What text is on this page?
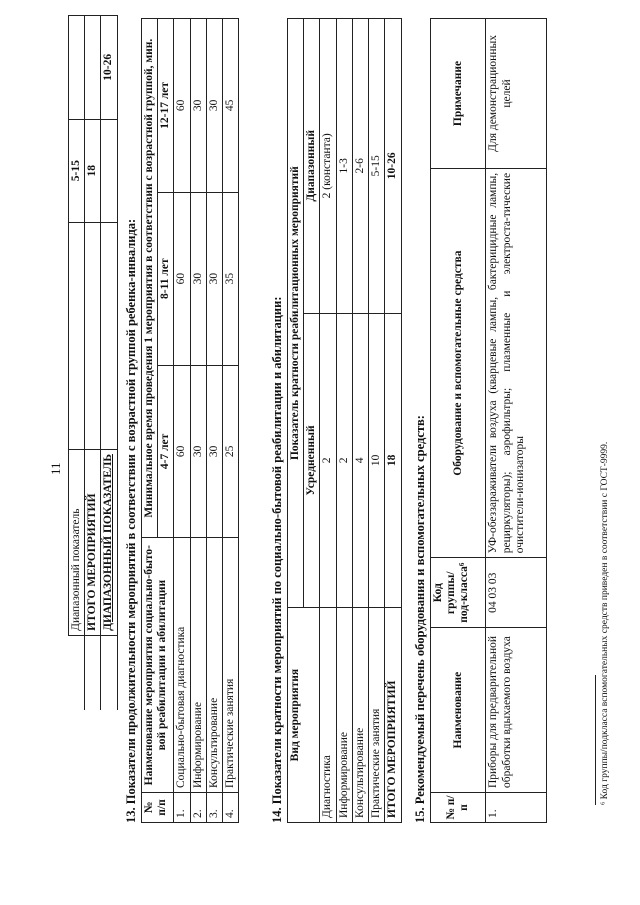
11
	Диапазонный показатель		5-15	
	ИТОГО МЕРОПРИЯТИЙ		18	
	ДИАПАЗОННЫЙ ПОКАЗАТЕЛЬ			10-26
13. Показатели продолжительности мероприятий в соответствии с возрастной группой ребенка-инвалида: № п/п	Наименование мероприятия социально-быто-вой реабилитации и абилитации	Минимальное время проведения 1 мероприятия в соответствии с возрастной группой, мин.		
		4-7 лет	8-11 лет	12-17 лет
1.	Социально-бытовая диагностика	60	60	60
2.	Информирование	30	30	30
3.	Консультирование	30	30	30
4.	Практические занятия	25	35	45
14. Показатели кратности мероприятий по социально-бытовой реабилитации и абилитации: Вид мероприятия	Показатель кратности реабилитационных мероприятий	
	Усредненный	Диапазонный
Диагностика	2	2 (константа)
Информирование	2	1-3
Консультирование	4	2-6
Практические занятия	10	5-15
ИТОГО МЕРОПРИЯТИЙ	18	10-26
15. Рекомендуемый перечень оборудования и вспомогательных средств: № п/п	Наименование	Код группы/под-класса⁶	Оборудование и вспомогательные средства	Примечание
1.	Приборы для предварительной обработки вдыхаемого воздуха	04 03 03	УФ-обеззараживатели воздуха (кварцевые лампы, бактерицидные лампы, рециркуляторы); аэрофильтры; плазменные и электроста-тические очистители-ионизаторы	Для демонстрационных целей
⁶ Код группы/подкласса вспомогательных средств приведен в соответствии с ГОСТ-9999.
